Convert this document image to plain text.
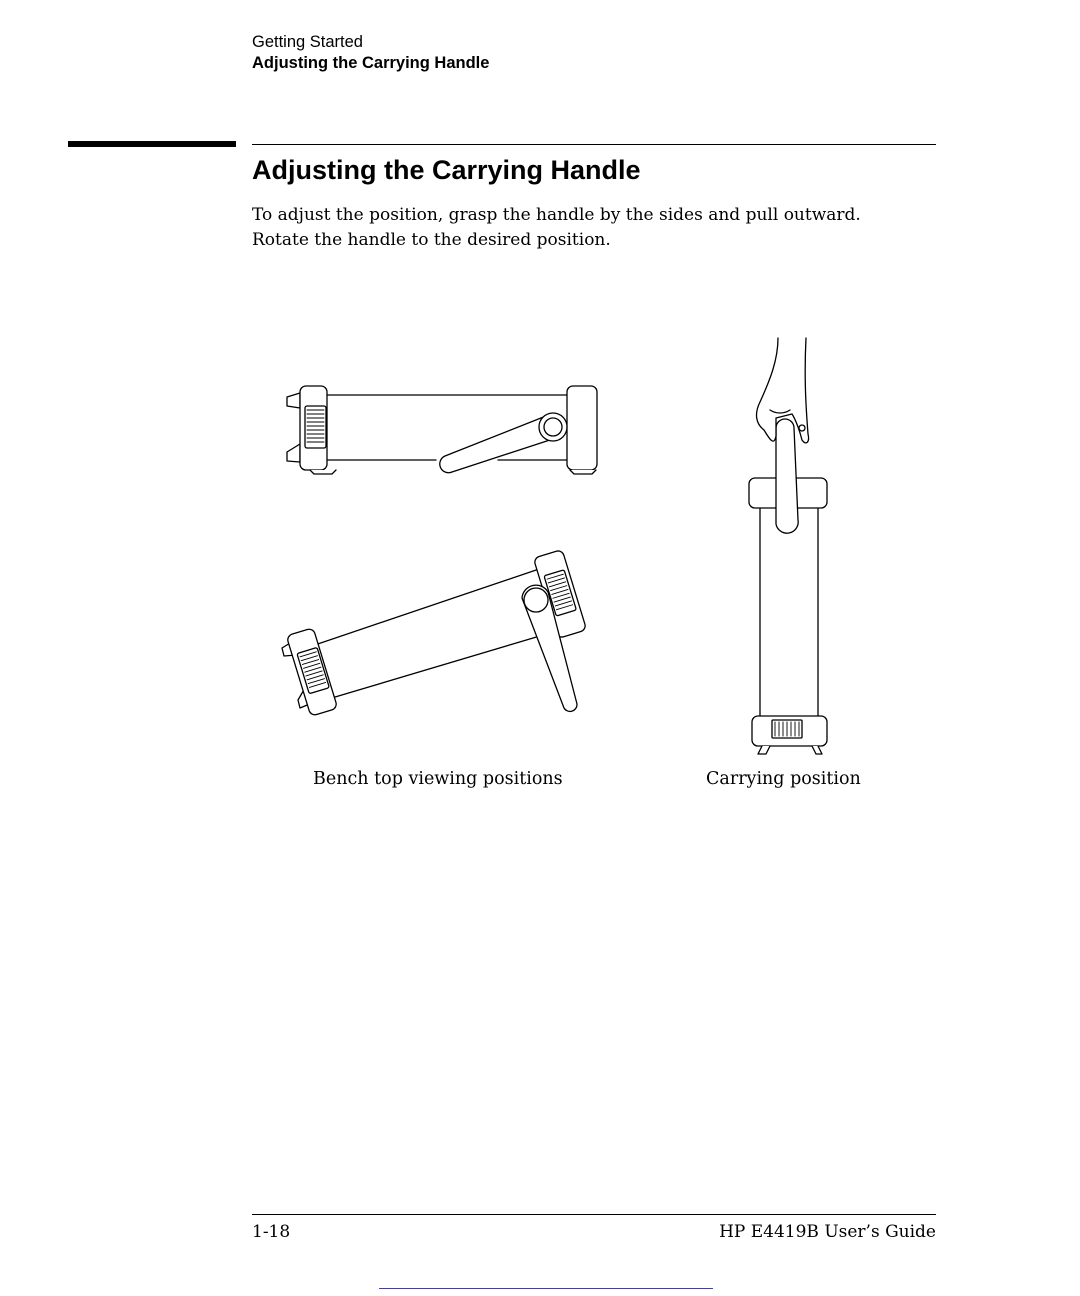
Getting Started
Adjusting the Carrying Handle
Adjusting the Carrying Handle

To adjust the position, grasp the handle by the sides and pull outward.

Rotate the handle to the desired position.

Bench top viewing positions	Carrying position
1-18	HP E4419B User’s Guide
